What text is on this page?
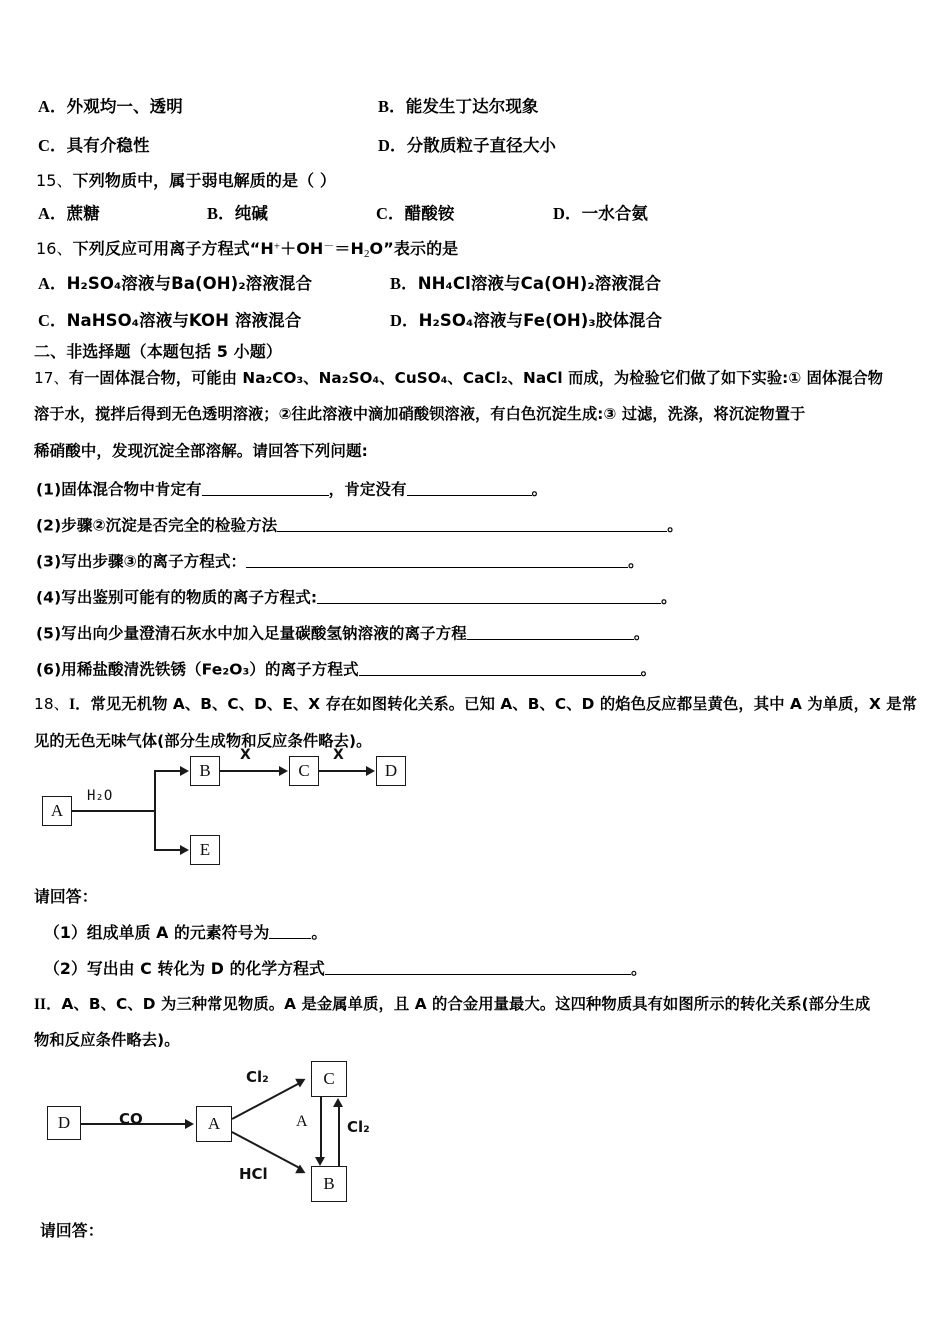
A．外观均一、透明	B．能发生丁达尔现象
C．具有介稳性	D．分散质粒子直径大小
15、下列物质中，属于弱电解质的是（ ）
A．蔗糖	B．纯碱	C．醋酸铵	D．一水合氨
16、下列反应可用离子方程式“$H^++OH^-=H_2O$”表示的是
A．H₂SO₄溶液与Ba(OH)₂溶液混合	B．NH₄Cl溶液与Ca(OH)₂溶液混合
C．NaHSO₄溶液与KOH 溶液混合	D．H₂SO₄溶液与Fe(OH)₃胶体混合
二、非选择题（本题包括 5 小题）
17、有一固体混合物，可能由 Na₂CO₃、Na₂SO₄、CuSO₄、CaCl₂、NaCl 而成，为检验它们做了如下实验:① 固体混合物
溶于水，搅拌后得到无色透明溶液；②往此溶液中滴加硝酸钡溶液，有白色沉淀生成:③ 过滤，洗涤，将沉淀物置于
稀硝酸中，发现沉淀全部溶解。请回答下列问题:
(1)固体混合物中肯定有	，肯定没有	。
(2)步骤②沉淀是否完全的检验方法	。
(3)写出步骤③的离子方程式：	。
(4)写出鉴别可能有的物质的离子方程式:	。
(5)写出向少量澄清石灰水中加入足量碳酸氢钠溶液的离子方程	。
(6)用稀盐酸清洗铁锈（Fe₂O₃）的离子方程式	。
18、I．常见无机物 A、B、C、D、E、X 存在如图转化关系。已知 A、B、C、D 的焰色反应都呈黄色，其中 A 为单质，X 是常
见的无色无味气体(部分生成物和反应条件略去)。
A
B	C	D
E
H₂O
X	X
请回答：
（1）组成单质 A 的元素符号为	。
（2）写出由 C 转化为 D 的化学方程式	。
II．A、B、C、D 为三种常见物质。A 是金属单质，且 A 的合金用量最大。这四种物质具有如图所示的转化关系(部分生成
物和反应条件略去)。
D	A
C
B
CO
Cl₂
HCl
A	Cl₂
请回答：
